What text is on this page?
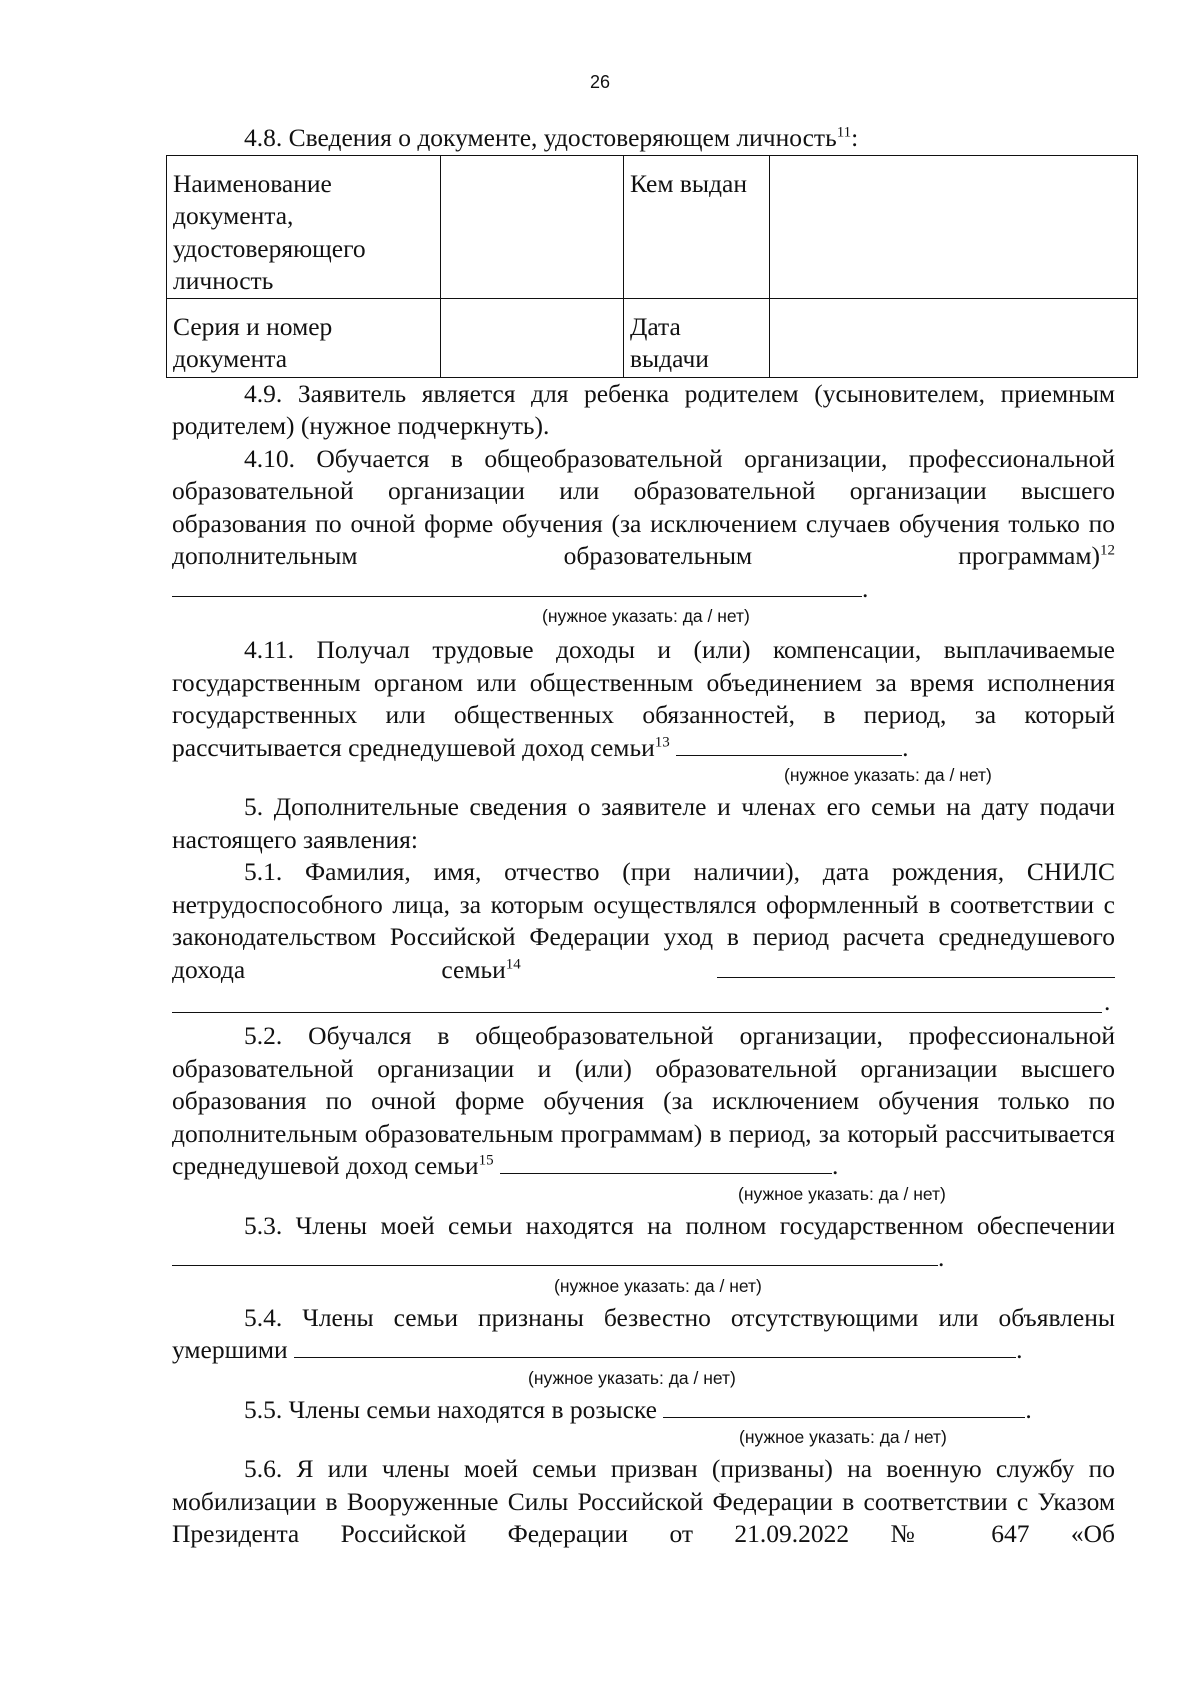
26

4.8. Сведения о документе, удостоверяющем личность$^{11}$:

Наименование документа, удостоверяющего личность		Кем выдан	
Серия и номер документа		Дата выдачи	

4.9. Заявитель является для ребенка родителем (усыновителем, приемным родителем) (нужное подчеркнуть).

4.10. Обучается в общеобразовательной организации, профессиональной образовательной организации или образовательной организации высшего образования по очной форме обучения (за исключением случаев обучения только по дополнительным образовательным программам)$^{12}$ .

(нужное указать: да / нет)

4.11. Получал трудовые доходы и (или) компенсации, выплачиваемые государственным органом или общественным объединением за время исполнения государственных или общественных обязанностей, в период, за который рассчитывается среднедушевой доход семьи$^{13}$	.

(нужное указать: да / нет)

5. Дополнительные сведения о заявителе и членах его семьи на дату подачи настоящего заявления:

5.1. Фамилия, имя, отчество (при наличии), дата рождения, СНИЛС нетрудоспособного лица, за которым осуществлялся оформленный в соответствии с законодательством Российской Федерации уход в период расчета среднедушевого дохода семьи$^{14}$

.

5.2. Обучался в общеобразовательной организации, профессиональной образовательной организации и (или) образовательной организации высшего образования по очной форме обучения (за исключением обучения только по дополнительным образовательным программам) в период, за который рассчитывается среднедушевой доход семьи$^{15}$	.

(нужное указать: да / нет)

5.3. Члены моей семьи находятся на полном государственном обеспечении .

(нужное указать: да / нет)

5.4. Члены семьи признаны безвестно отсутствующими или объявлены умершими	.

(нужное указать: да / нет)

5.5. Члены семьи находятся в розыске	.

(нужное указать: да / нет)

5.6. Я или члены моей семьи призван (призваны) на военную службу по мобилизации в Вооруженные Силы Российской Федерации в соответствии с Указом Президента Российской Федерации от 21.09.2022 № 647 «Об
